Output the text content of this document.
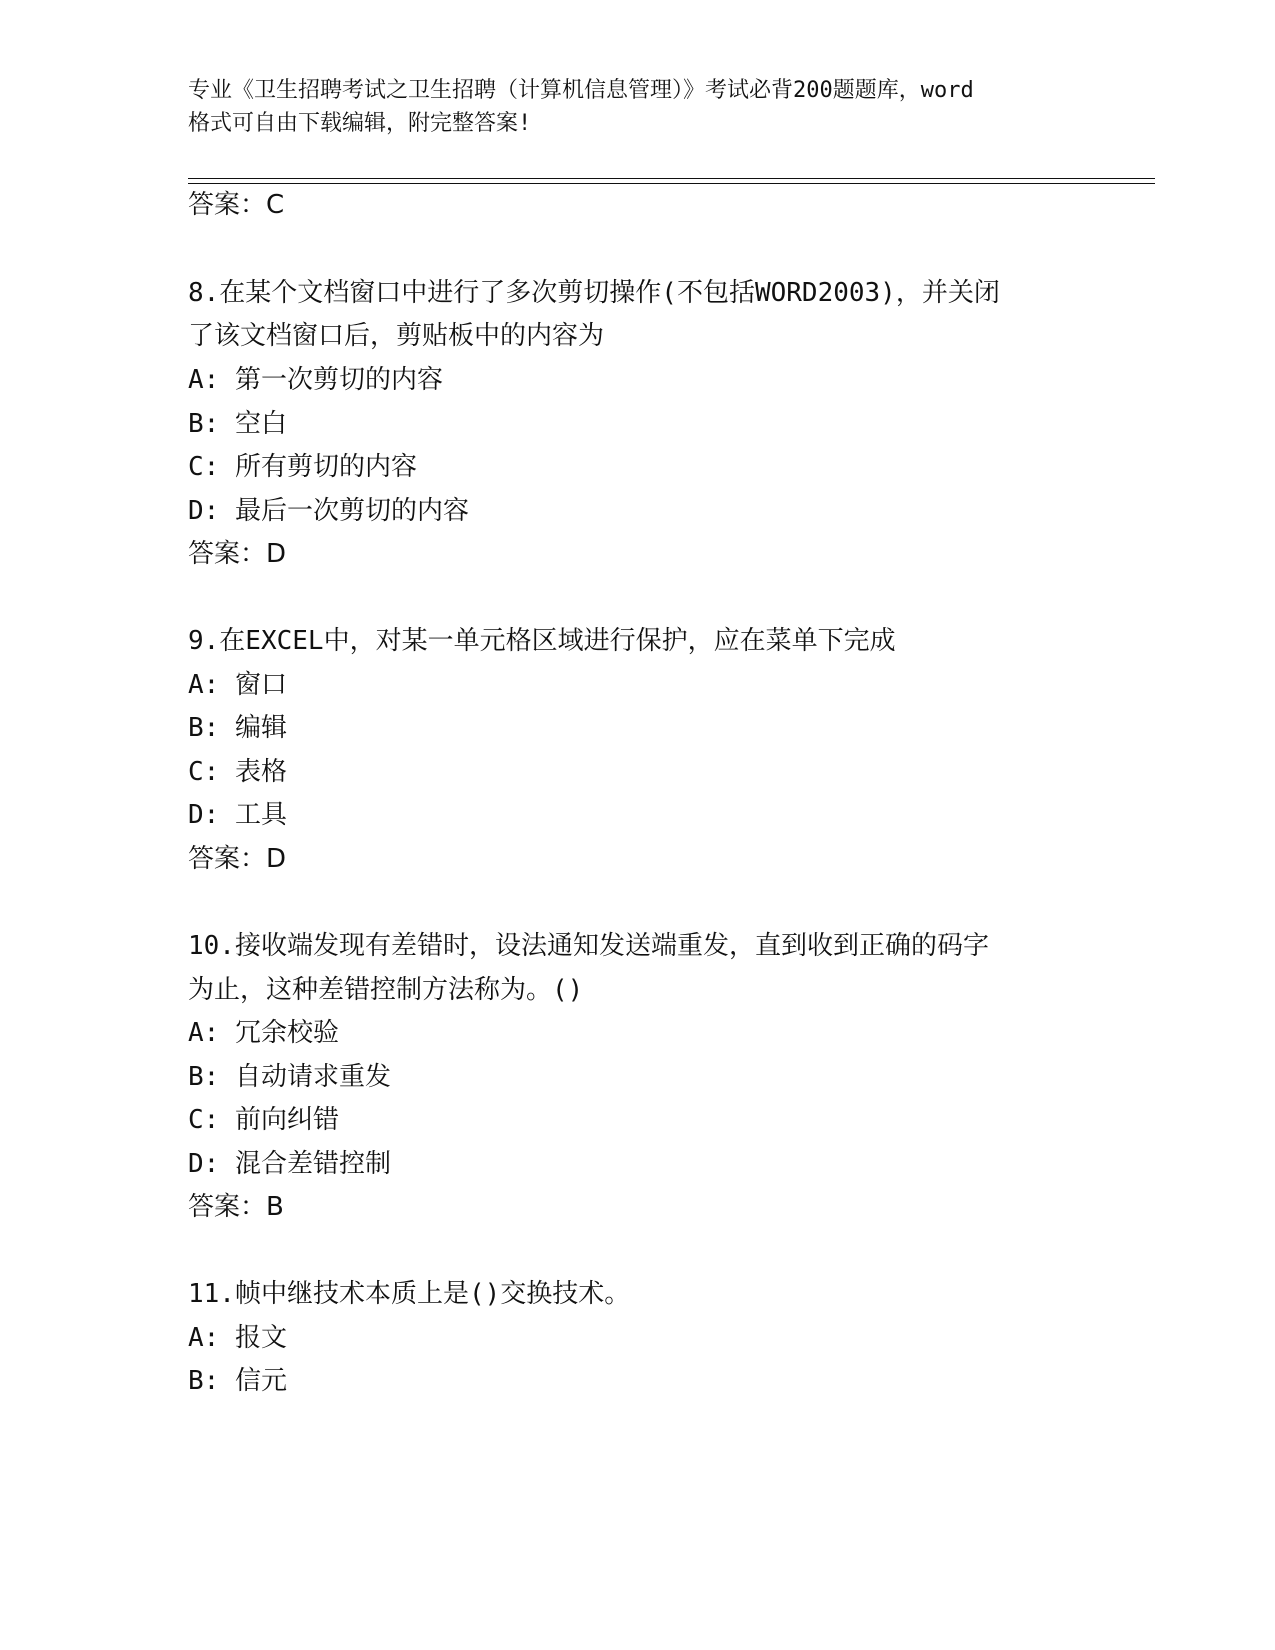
专业《卫生招聘考试之卫生招聘（计算机信息管理）》考试必背200题题库，word
格式可自由下载编辑，附完整答案!
答案：C
8.在某个文档窗口中进行了多次剪切操作(不包括WORD2003)，并关闭
了该文档窗口后，剪贴板中的内容为
A: 第一次剪切的内容
B: 空白
C: 所有剪切的内容
D: 最后一次剪切的内容
答案：D
9.在EXCEL中，对某一单元格区域进行保护，应在菜单下完成
A: 窗口
B: 编辑
C: 表格
D: 工具
答案：D
10.接收端发现有差错时，设法通知发送端重发，直到收到正确的码字
为止，这种差错控制方法称为。()
A: 冗余校验
B: 自动请求重发
C: 前向纠错
D: 混合差错控制
答案：B
11.帧中继技术本质上是()交换技术。
A: 报文
B: 信元
